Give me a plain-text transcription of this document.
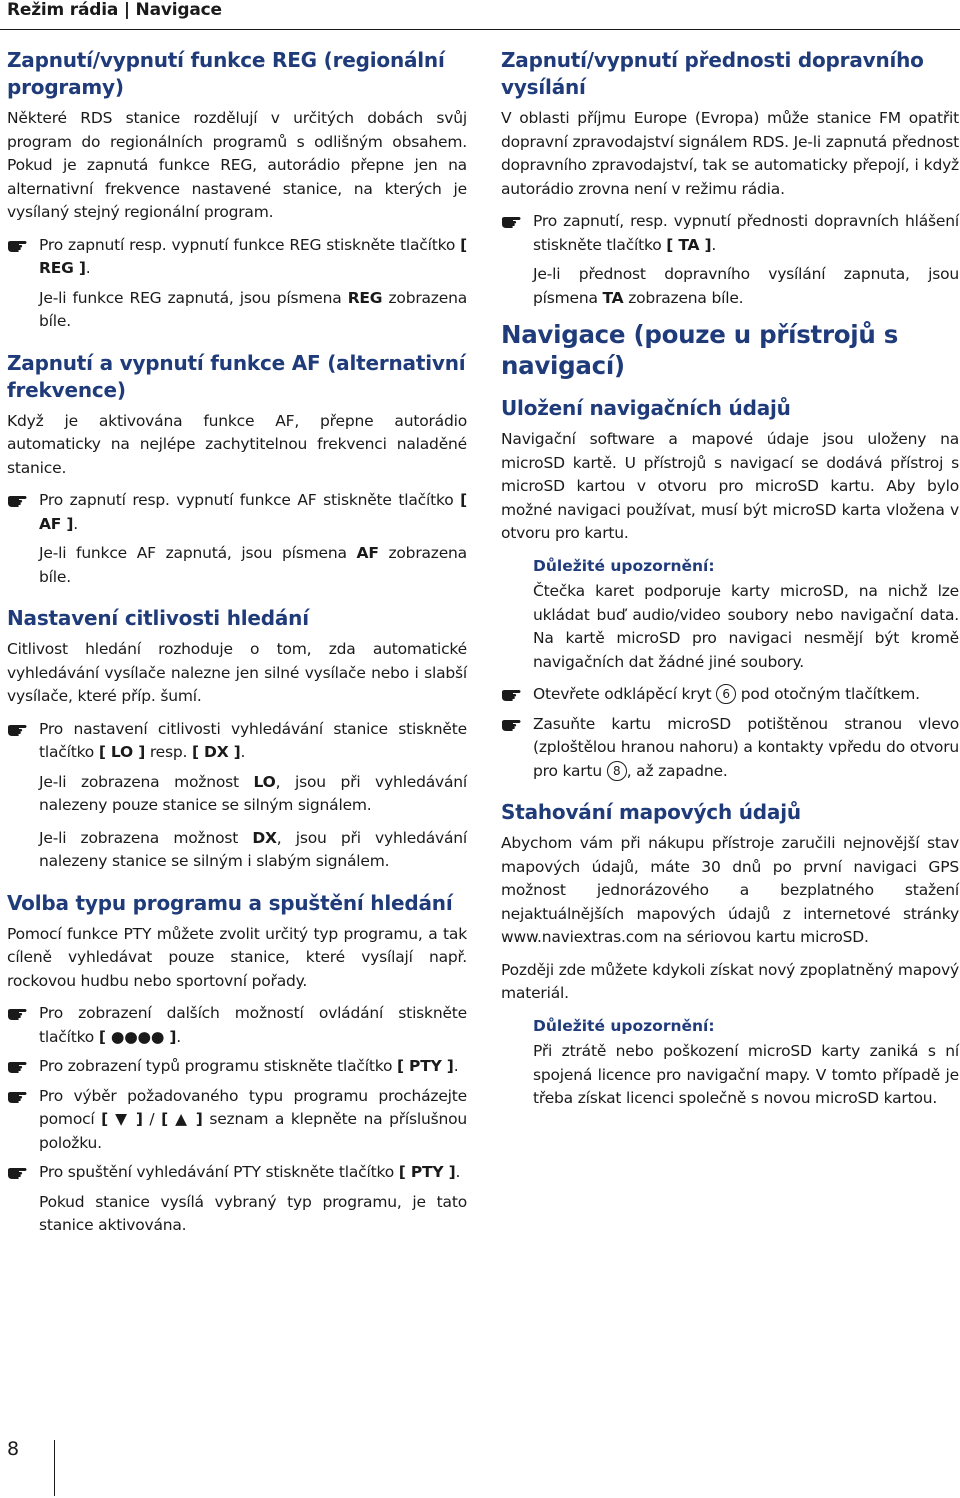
Režim rádia | Navigace
Zapnutí/vypnutí funkce REG (regionální programy)
Některé RDS stanice rozdělují v určitých dobách svůj program do regionálních programů s odlišným obsahem. Pokud je zapnutá funkce REG, autorádio přepne jen na alternativní frekvence nastavené stanice, na kterých je vysílaný stejný regionální program.
Pro zapnutí resp. vypnutí funkce REG stiskněte tlačítko [ REG ].
Je-li funkce REG zapnutá, jsou písmena REG zobrazena bíle.
Zapnutí a vypnutí funkce AF (alternativní frekvence)
Když je aktivována funkce AF, přepne autorádio automaticky na nejlépe zachytitelnou frekvenci naladěné stanice.
Pro zapnutí resp. vypnutí funkce AF stiskněte tlačítko [ AF ].
Je-li funkce AF zapnutá, jsou písmena AF zobrazena bíle.
Nastavení citlivosti hledání
Citlivost hledání rozhoduje o tom, zda automatické vyhledávání vysílače nalezne jen silné vysílače nebo i slabší vysílače, které příp. šumí.
Pro nastavení citlivosti vyhledávání stanice stiskněte tlačítko [ LO ] resp. [ DX ].
Je-li zobrazena možnost LO, jsou při vyhledávání nalezeny pouze stanice se silným signálem.
Je-li zobrazena možnost DX, jsou při vyhledávání nalezeny stanice se silným i slabým signálem.
Volba typu programu a spuštění hledání
Pomocí funkce PTY můžete zvolit určitý typ programu, a tak cíleně vyhledávat pouze stanice, které vysílají např. rockovou hudbu nebo sportovní pořady.
Pro zobrazení dalších možností ovládání stiskněte tlačítko [ ●●●● ].
Pro zobrazení typů programu stiskněte tlačítko [ PTY ].
Pro výběr požadovaného typu programu procházejte pomocí [ ▼ ] / [ ▲ ] seznam a klepněte na příslušnou položku.
Pro spuštění vyhledávání PTY stiskněte tlačítko [ PTY ].
Pokud stanice vysílá vybraný typ programu, je tato stanice aktivována.
Zapnutí/vypnutí přednosti dopravního vysílání
V oblasti příjmu Europe (Evropa) může stanice FM opatřit dopravní zpravodajství signálem RDS. Je-li zapnutá přednost dopravního zpravodajství, tak se automaticky přepojí, i když autorádio zrovna není v režimu rádia.
Pro zapnutí, resp. vypnutí přednosti dopravních hlášení stiskněte tlačítko [ TA ].
Je-li přednost dopravního vysílání zapnuta, jsou písmena TA zobrazena bíle.
Navigace (pouze u přístrojů s navigací)
Uložení navigačních údajů
Navigační software a mapové údaje jsou uloženy na microSD kartě. U přístrojů s navigací se dodává přístroj s microSD kartou v otvoru pro microSD kartu. Aby bylo možné navigaci používat, musí být microSD karta vložena v otvoru pro kartu.
Důležité upozornění:
Čtečka karet podporuje karty microSD, na nichž lze ukládat buď audio/video soubory nebo navigační data. Na kartě microSD pro navigaci nesmějí být kromě navigačních dat žádné jiné soubory.
Otevřete odklápěcí kryt 6 pod otočným tlačítkem.
Zasuňte kartu microSD potištěnou stranou vlevo (zploštělou hranou nahoru) a kontakty vpředu do otvoru pro kartu 8 , až zapadne.
Stahování mapových údajů
Abychom vám při nákupu přístroje zaručili nejnovější stav mapových údajů, máte 30 dnů po první navigaci GPS možnost jednorázového a bezplatného stažení nejaktuálnějších mapových údajů z internetové stránky www.naviextras.com na sériovou kartu microSD.
Později zde můžete kdykoli získat nový zpoplatněný mapový materiál.
Důležité upozornění:
Při ztrátě nebo poškození microSD karty zaniká s ní spojená licence pro navigační mapy. V tomto případě je třeba získat licenci společně s novou microSD kartou.
8
